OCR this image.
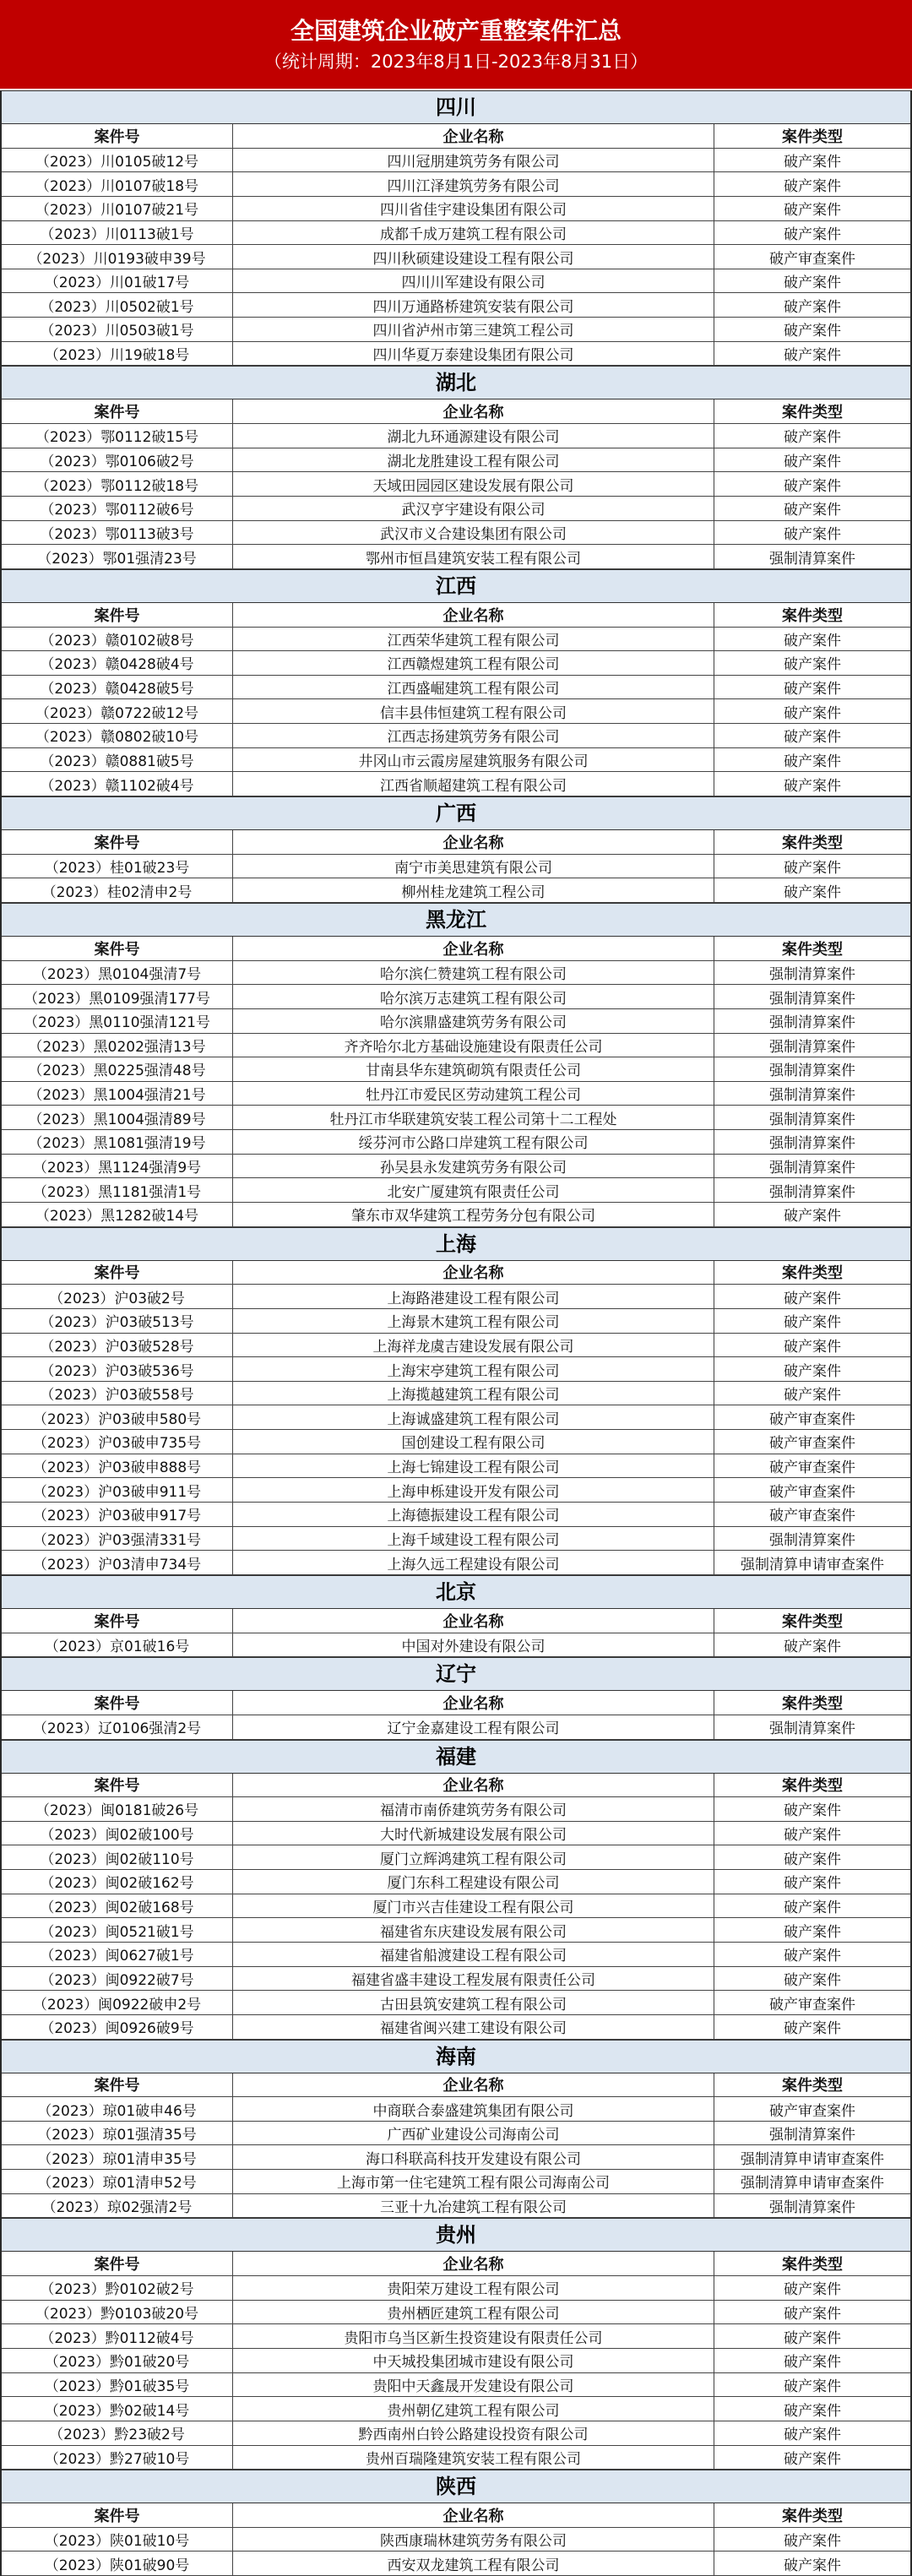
全国建筑企业破产重整案件汇总
（统计周期：2023年8月1日-2023年8月31日）
四川
案件号	企业名称	案件类型
（2023）川0105破12号	四川冠朋建筑劳务有限公司	破产案件
（2023）川0107破18号	四川江泽建筑劳务有限公司	破产案件
（2023）川0107破21号	四川省佳宇建设集团有限公司	破产案件
（2023）川0113破1号	成都千成万建筑工程有限公司	破产案件
（2023）川0193破申39号	四川秋硕建设建设工程有限公司	破产审查案件
（2023）川01破17号	四川川军建设有限公司	破产案件
（2023）川0502破1号	四川万通路桥建筑安装有限公司	破产案件
（2023）川0503破1号	四川省泸州市第三建筑工程公司	破产案件
（2023）川19破18号	四川华夏万泰建设集团有限公司	破产案件
湖北
案件号	企业名称	案件类型
（2023）鄂0112破15号	湖北九环通源建设有限公司	破产案件
（2023）鄂0106破2号	湖北龙胜建设工程有限公司	破产案件
（2023）鄂0112破18号	天域田园园区建设发展有限公司	破产案件
（2023）鄂0112破6号	武汉亨宇建设有限公司	破产案件
（2023）鄂0113破3号	武汉市义合建设集团有限公司	破产案件
（2023）鄂01强清23号	鄂州市恒昌建筑安装工程有限公司	强制清算案件
江西
案件号	企业名称	案件类型
（2023）赣0102破8号	江西荣华建筑工程有限公司	破产案件
（2023）赣0428破4号	江西赣煜建筑工程有限公司	破产案件
（2023）赣0428破5号	江西盛崛建筑工程有限公司	破产案件
（2023）赣0722破12号	信丰县伟恒建筑工程有限公司	破产案件
（2023）赣0802破10号	江西志扬建筑劳务有限公司	破产案件
（2023）赣0881破5号	井冈山市云霞房屋建筑服务有限公司	破产案件
（2023）赣1102破4号	江西省顺超建筑工程有限公司	破产案件
广西
案件号	企业名称	案件类型
（2023）桂01破23号	南宁市美思建筑有限公司	破产案件
（2023）桂02清申2号	柳州桂龙建筑工程公司	破产案件
黑龙江
案件号	企业名称	案件类型
（2023）黑0104强清7号	哈尔滨仁赞建筑工程有限公司	强制清算案件
（2023）黑0109强清177号	哈尔滨万志建筑工程有限公司	强制清算案件
（2023）黑0110强清121号	哈尔滨鼎盛建筑劳务有限公司	强制清算案件
（2023）黑0202强清13号	齐齐哈尔北方基础设施建设有限责任公司	强制清算案件
（2023）黑0225强清48号	甘南县华东建筑砌筑有限责任公司	强制清算案件
（2023）黑1004强清21号	牡丹江市爱民区劳动建筑工程公司	强制清算案件
（2023）黑1004强清89号	牡丹江市华联建筑安装工程公司第十二工程处	强制清算案件
（2023）黑1081强清19号	绥芬河市公路口岸建筑工程有限公司	强制清算案件
（2023）黑1124强清9号	孙吴县永发建筑劳务有限公司	强制清算案件
（2023）黑1181强清1号	北安广厦建筑有限责任公司	强制清算案件
（2023）黑1282破14号	肇东市双华建筑工程劳务分包有限公司	破产案件
上海
案件号	企业名称	案件类型
（2023）沪03破2号	上海路港建设工程有限公司	破产案件
（2023）沪03破513号	上海景木建筑工程有限公司	破产案件
（2023）沪03破528号	上海祥龙虞吉建设发展有限公司	破产案件
（2023）沪03破536号	上海宋亭建筑工程有限公司	破产案件
（2023）沪03破558号	上海揽越建筑工程有限公司	破产案件
（2023）沪03破申580号	上海诚盛建筑工程有限公司	破产审查案件
（2023）沪03破申735号	国创建设工程有限公司	破产审查案件
（2023）沪03破申888号	上海七锦建设工程有限公司	破产审查案件
（2023）沪03破申911号	上海申栎建设开发有限公司	破产审查案件
（2023）沪03破申917号	上海德振建设工程有限公司	破产审查案件
（2023）沪03强清331号	上海千域建设工程有限公司	强制清算案件
（2023）沪03清申734号	上海久远工程建设有限公司	强制清算申请审查案件
北京
案件号	企业名称	案件类型
（2023）京01破16号	中国对外建设有限公司	破产案件
辽宁
案件号	企业名称	案件类型
（2023）辽0106强清2号	辽宁金嘉建设工程有限公司	强制清算案件
福建
案件号	企业名称	案件类型
（2023）闽0181破26号	福清市南侨建筑劳务有限公司	破产案件
（2023）闽02破100号	大时代新城建设发展有限公司	破产案件
（2023）闽02破110号	厦门立辉鸿建筑工程有限公司	破产案件
（2023）闽02破162号	厦门东科工程建设有限公司	破产案件
（2023）闽02破168号	厦门市兴吉佳建设工程有限公司	破产案件
（2023）闽0521破1号	福建省东庆建设发展有限公司	破产案件
（2023）闽0627破1号	福建省船渡建设工程有限公司	破产案件
（2023）闽0922破7号	福建省盛丰建设工程发展有限责任公司	破产案件
（2023）闽0922破申2号	古田县筑安建筑工程有限公司	破产审查案件
（2023）闽0926破9号	福建省闽兴建工建设有限公司	破产案件
海南
案件号	企业名称	案件类型
（2023）琼01破申46号	中商联合泰盛建筑集团有限公司	破产审查案件
（2023）琼01强清35号	广西矿业建设公司海南公司	强制清算案件
（2023）琼01清申35号	海口科联高科技开发建设有限公司	强制清算申请审查案件
（2023）琼01清申52号	上海市第一住宅建筑工程有限公司海南公司	强制清算申请审查案件
（2023）琼02强清2号	三亚十九冶建筑工程有限公司	强制清算案件
贵州
案件号	企业名称	案件类型
（2023）黔0102破2号	贵阳荣万建设工程有限公司	破产案件
（2023）黔0103破20号	贵州栖匠建筑工程有限公司	破产案件
（2023）黔0112破4号	贵阳市乌当区新生投资建设有限责任公司	破产案件
（2023）黔01破20号	中天城投集团城市建设有限公司	破产案件
（2023）黔01破35号	贵阳中天鑫晟开发建设有限公司	破产案件
（2023）黔02破14号	贵州朝亿建筑工程有限公司	破产案件
（2023）黔23破2号	黔西南州白铃公路建设投资有限公司	破产案件
（2023）黔27破10号	贵州百瑞隆建筑安装工程有限公司	破产案件
陕西
案件号	企业名称	案件类型
（2023）陕01破10号	陕西康瑞林建筑劳务有限公司	破产案件
（2023）陕01破90号	西安双龙建筑工程有限公司	破产案件
